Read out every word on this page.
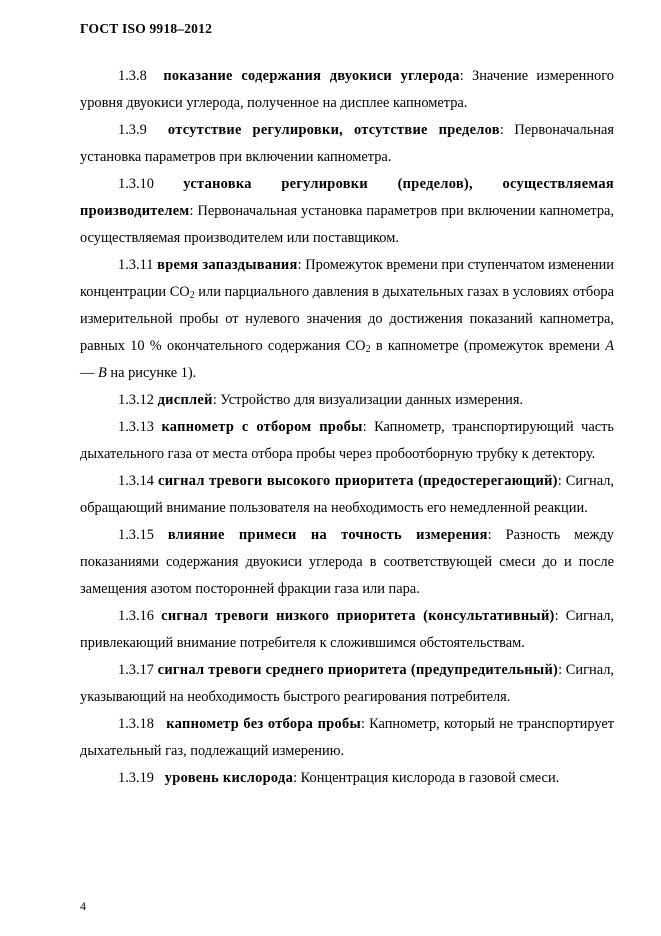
ГОСТ ISO 9918–2012

1.3.8 показание содержания двуокиси углерода: Значение измеренного уровня двуокиси углерода, полученное на дисплее капнометра.

1.3.9 отсутствие регулировки, отсутствие пределов: Первоначальная установка параметров при включении капнометра.

1.3.10 установка регулировки (пределов), осуществляемая производителем: Первоначальная установка параметров при включении капнометра, осуществляемая производителем или поставщиком.

1.3.11 время запаздывания: Промежуток времени при ступенчатом изменении концентрации $CO_2$ или парциального давления в дыхательных газах в условиях отбора измерительной пробы от нулевого значения до достижения показаний капнометра, равных 10 % окончательного содержания $CO_2$ в капнометре (промежуток времени A — B на рисунке 1).

1.3.12 дисплей: Устройство для визуализации данных измерения.

1.3.13 капнометр с отбором пробы: Капнометр, транспортирующий часть дыхательного газа от места отбора пробы через пробоотборную трубку к детектору.

1.3.14 сигнал тревоги высокого приоритета (предостерегающий): Сигнал, обращающий внимание пользователя на необходимость его немедленной реакции.

1.3.15 влияние примеси на точность измерения: Разность между показаниями содержания двуокиси углерода в соответствующей смеси до и после замещения азотом посторонней фракции газа или пара.

1.3.16 сигнал тревоги низкого приоритета (консультативный): Сигнал, привлекающий внимание потребителя к сложившимся обстоятельствам.

1.3.17 сигнал тревоги среднего приоритета (предупредительный): Сигнал, указывающий на необходимость быстрого реагирования потребителя.

1.3.18 капнометр без отбора пробы: Капнометр, который не транспортирует дыхательный газ, подлежащий измерению.

1.3.19 уровень кислорода: Концентрация кислорода в газовой смеси.

4
